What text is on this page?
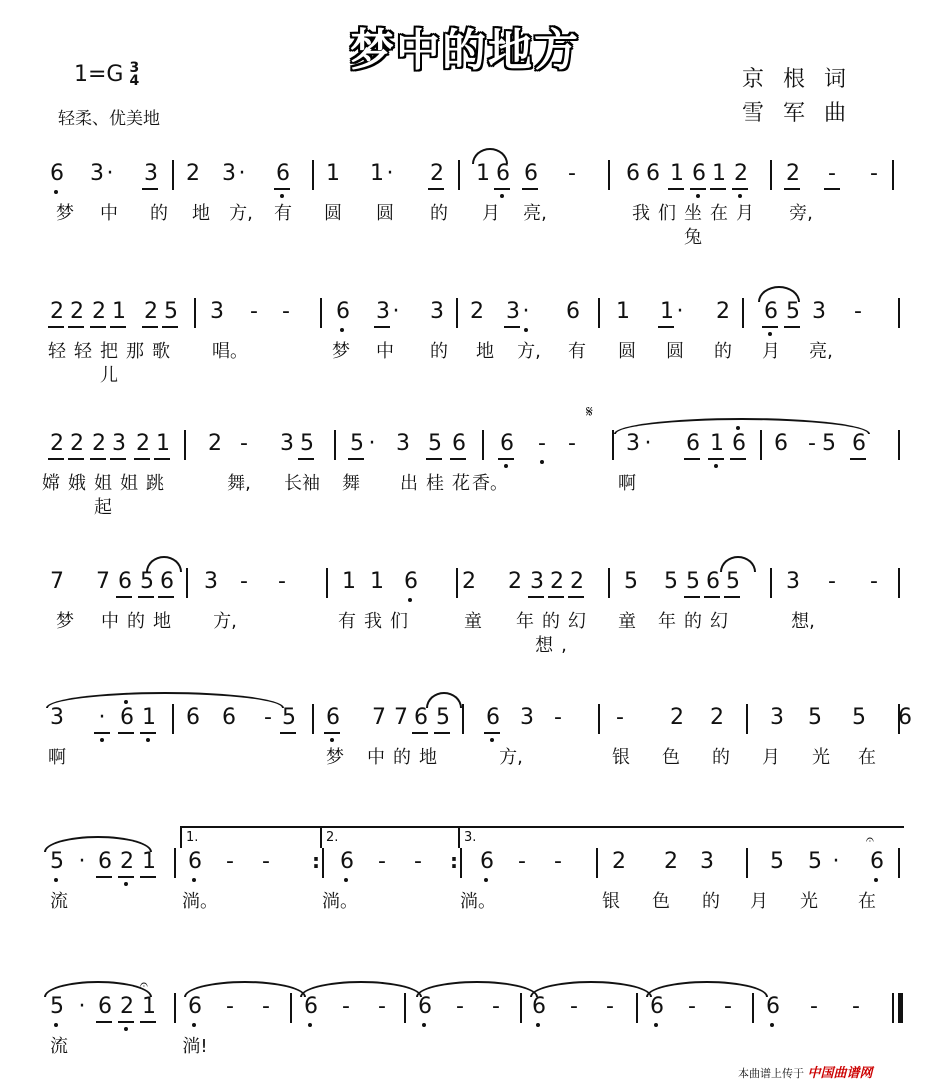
梦中的地方
1=G 3
4
轻柔、优美地
京 根 词
雪 军 曲
6 3 · 3 2 3 · 6 1 1 · 2 1 6 6 - 6 6 1 6 1 2 2 - -
梦	中	的	地	方,	有	圆	圆	的	月	亮,	我们坐在月兔
旁,
2 2 2 1 2 5 3 - - 6 3 · 3 2 3 · 6 1 1 · 2 6 5 3 -
轻轻把那歌儿
唱。	梦	中	的	地	方,	有	圆	圆	的	月	亮,
2 2 2 3 2 1 2 - 3 5 5 · 3 5 6 6 - - 3 · 6 1 6 6 - 5 6
嫦娥姐姐跳起
舞,	长袖	舞	出桂花
香。	啊
𝄋
7 7 6 5 6 3 - -	1 1 6 2 2 3 2 2 5 5 5 6 5 3 - -
梦	中的地	方,	有我们	童	年的幻想,
童	年的幻	想,
3 · 6 1 6 6 - 5 6 7 7 6 5 6 3 - - 2 2 3 5 5 6
啊	梦	中的地	方,	银	色	的	月	光	在
5 · 6 2 1 6 - -	6 - -	6 - - 2 2 3	5 5 · 6
:	:
流	淌。	淌。	淌。	银	色	的	月	光	在
1.	2.	3.	𝄐
5 · 6 2 1 6 - - 6 - - 6 - - 6 - - 6 - - 6 - -
流	淌!
𝄐
本曲谱上传于 中国曲谱网
